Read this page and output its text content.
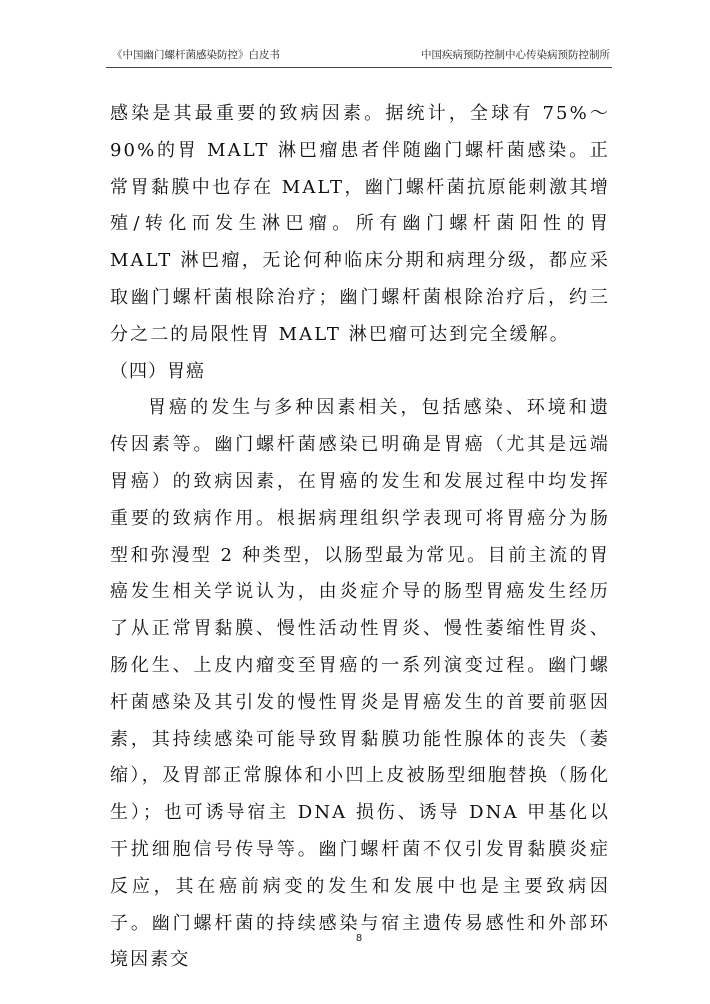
《中国幽门螺杆菌感染防控》白皮书	中国疾病预防控制中心传染病预防控制所

感染是其最重要的致病因素。据统计，全球有 75%～90%的胃 MALT 淋巴瘤患者伴随幽门螺杆菌感染。正常胃黏膜中也存在 MALT，幽门螺杆菌抗原能刺激其增殖/转化而发生淋巴瘤。所有幽门螺杆菌阳性的胃 MALT 淋巴瘤，无论何种临床分期和病理分级，都应采取幽门螺杆菌根除治疗；幽门螺杆菌根除治疗后，约三分之二的局限性胃 MALT 淋巴瘤可达到完全缓解。

（四）胃癌

胃癌的发生与多种因素相关，包括感染、环境和遗传因素等。幽门螺杆菌感染已明确是胃癌（尤其是远端胃癌）的致病因素，在胃癌的发生和发展过程中均发挥重要的致病作用。根据病理组织学表现可将胃癌分为肠型和弥漫型 2 种类型，以肠型最为常见。目前主流的胃癌发生相关学说认为，由炎症介导的肠型胃癌发生经历了从正常胃黏膜、慢性活动性胃炎、慢性萎缩性胃炎、肠化生、上皮内瘤变至胃癌的一系列演变过程。幽门螺杆菌感染及其引发的慢性胃炎是胃癌发生的首要前驱因素，其持续感染可能导致胃黏膜功能性腺体的丧失（萎缩），及胃部正常腺体和小凹上皮被肠型细胞替换（肠化生）；也可诱导宿主 DNA 损伤、诱导 DNA 甲基化以干扰细胞信号传导等。幽门螺杆菌不仅引发胃黏膜炎症反应，其在癌前病变的发生和发展中也是主要致病因子。幽门螺杆菌的持续感染与宿主遗传易感性和外部环境因素交

8
